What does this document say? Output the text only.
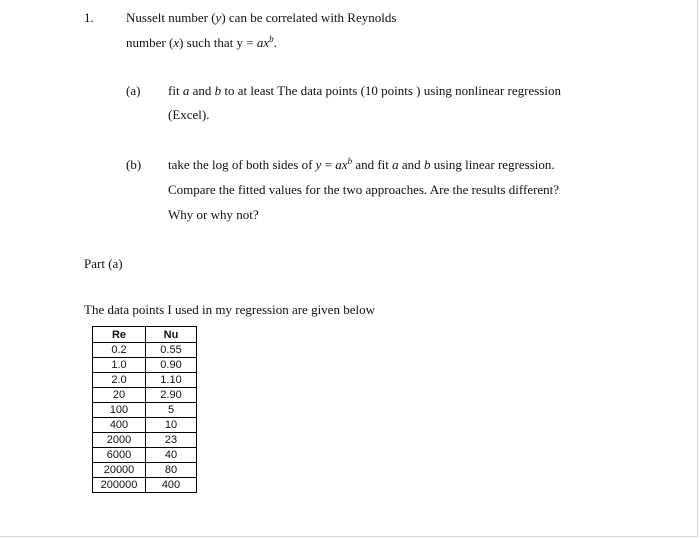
1. Nusselt number (y) can be correlated with Reynolds
number (x) such that $y = ax^b$.
(a) fit a and b to at least The data points (10 points ) using nonlinear regression
(Excel).
(b) take the log of both sides of $y = ax^b$ and fit a and b using linear regression.
Compare the fitted values for the two approaches. Are the results different?
Why or why not?
Part (a)
The data points I used in my regression are given below
Re	Nu
0.2	0.55
1.0	0.90
2.0	1.10
20	2.90
100	5
400	10
2000	23
6000	40
20000	80
200000	400
